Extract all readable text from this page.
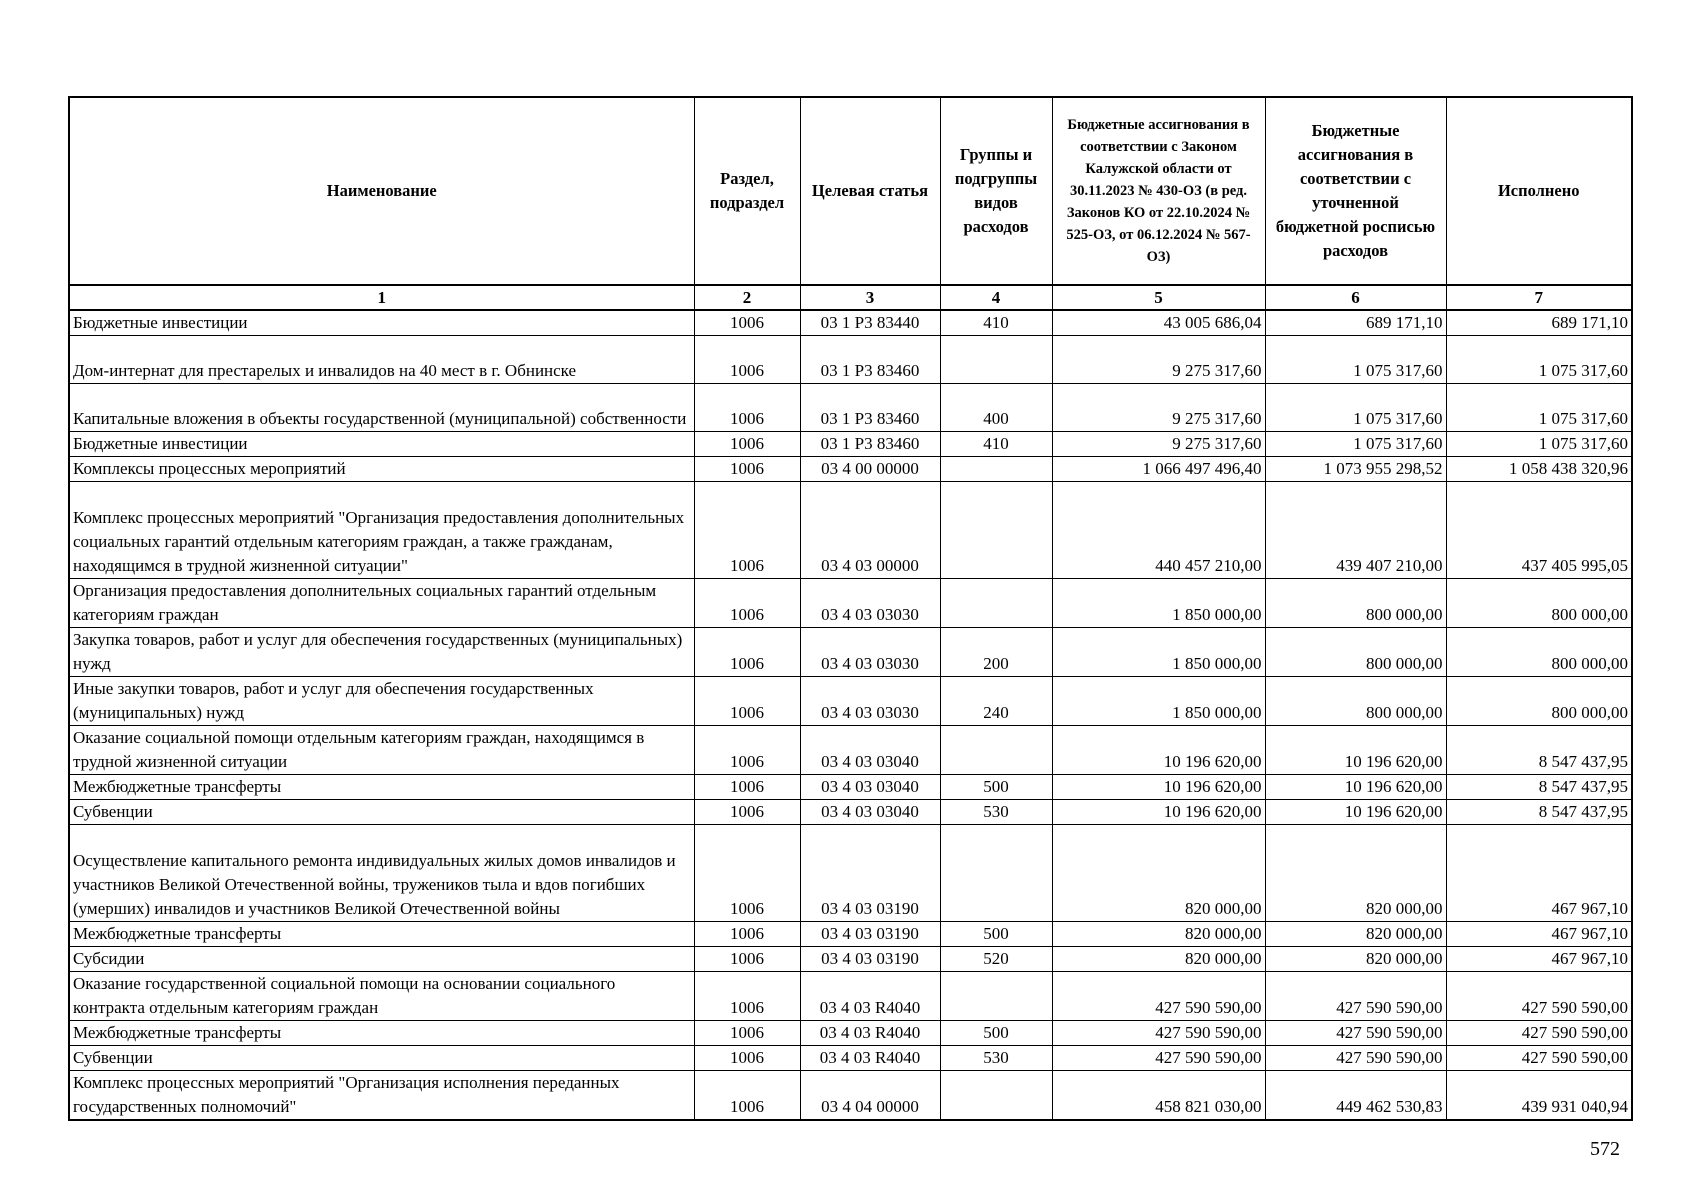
Наименование	Раздел, подраздел	Целевая статья	Группы и подгруппы видов расходов	Бюджетные ассигнования в соответствии с Законом Калужской области от 30.11.2023 № 430-ОЗ (в ред. Законов КО от 22.10.2024 № 525-ОЗ, от 06.12.2024 № 567-ОЗ)	Бюджетные ассигнования в соответствии с уточненной бюджетной росписью расходов	Исполнено
1	2	3	4	5	6	7
Бюджетные инвестиции	1006	03 1 P3 83440	410	43 005 686,04	689 171,10	689 171,10
Дом-интернат для престарелых и инвалидов на 40 мест в г. Обнинске	1006	03 1 P3 83460		9 275 317,60	1 075 317,60	1 075 317,60
Капитальные вложения в объекты государственной (муниципальной) собственности	1006	03 1 P3 83460	400	9 275 317,60	1 075 317,60	1 075 317,60
Бюджетные инвестиции	1006	03 1 P3 83460	410	9 275 317,60	1 075 317,60	1 075 317,60
Комплексы процессных мероприятий	1006	03 4 00 00000		1 066 497 496,40	1 073 955 298,52	1 058 438 320,96
Комплекс процессных мероприятий "Организация предоставления дополнительных социальных гарантий отдельным категориям граждан, а также гражданам, находящимся в трудной жизненной ситуации"	1006	03 4 03 00000		440 457 210,00	439 407 210,00	437 405 995,05
Организация предоставления дополнительных социальных гарантий отдельным категориям граждан	1006	03 4 03 03030		1 850 000,00	800 000,00	800 000,00
Закупка товаров, работ и услуг для обеспечения государственных (муниципальных) нужд	1006	03 4 03 03030	200	1 850 000,00	800 000,00	800 000,00
Иные закупки товаров, работ и услуг для обеспечения государственных (муниципальных) нужд	1006	03 4 03 03030	240	1 850 000,00	800 000,00	800 000,00
Оказание социальной помощи отдельным категориям граждан, находящимся в трудной жизненной ситуации	1006	03 4 03 03040		10 196 620,00	10 196 620,00	8 547 437,95
Межбюджетные трансферты	1006	03 4 03 03040	500	10 196 620,00	10 196 620,00	8 547 437,95
Субвенции	1006	03 4 03 03040	530	10 196 620,00	10 196 620,00	8 547 437,95
Осуществление капитального ремонта индивидуальных жилых домов инвалидов и участников Великой Отечественной войны, тружеников тыла и вдов погибших (умерших) инвалидов и участников Великой Отечественной войны	1006	03 4 03 03190		820 000,00	820 000,00	467 967,10
Межбюджетные трансферты	1006	03 4 03 03190	500	820 000,00	820 000,00	467 967,10
Субсидии	1006	03 4 03 03190	520	820 000,00	820 000,00	467 967,10
Оказание государственной социальной помощи на основании социального контракта отдельным категориям граждан	1006	03 4 03 R4040		427 590 590,00	427 590 590,00	427 590 590,00
Межбюджетные трансферты	1006	03 4 03 R4040	500	427 590 590,00	427 590 590,00	427 590 590,00
Субвенции	1006	03 4 03 R4040	530	427 590 590,00	427 590 590,00	427 590 590,00
Комплекс процессных мероприятий "Организация исполнения переданных государственных полномочий"	1006	03 4 04 00000		458 821 030,00	449 462 530,83	439 931 040,94
572
